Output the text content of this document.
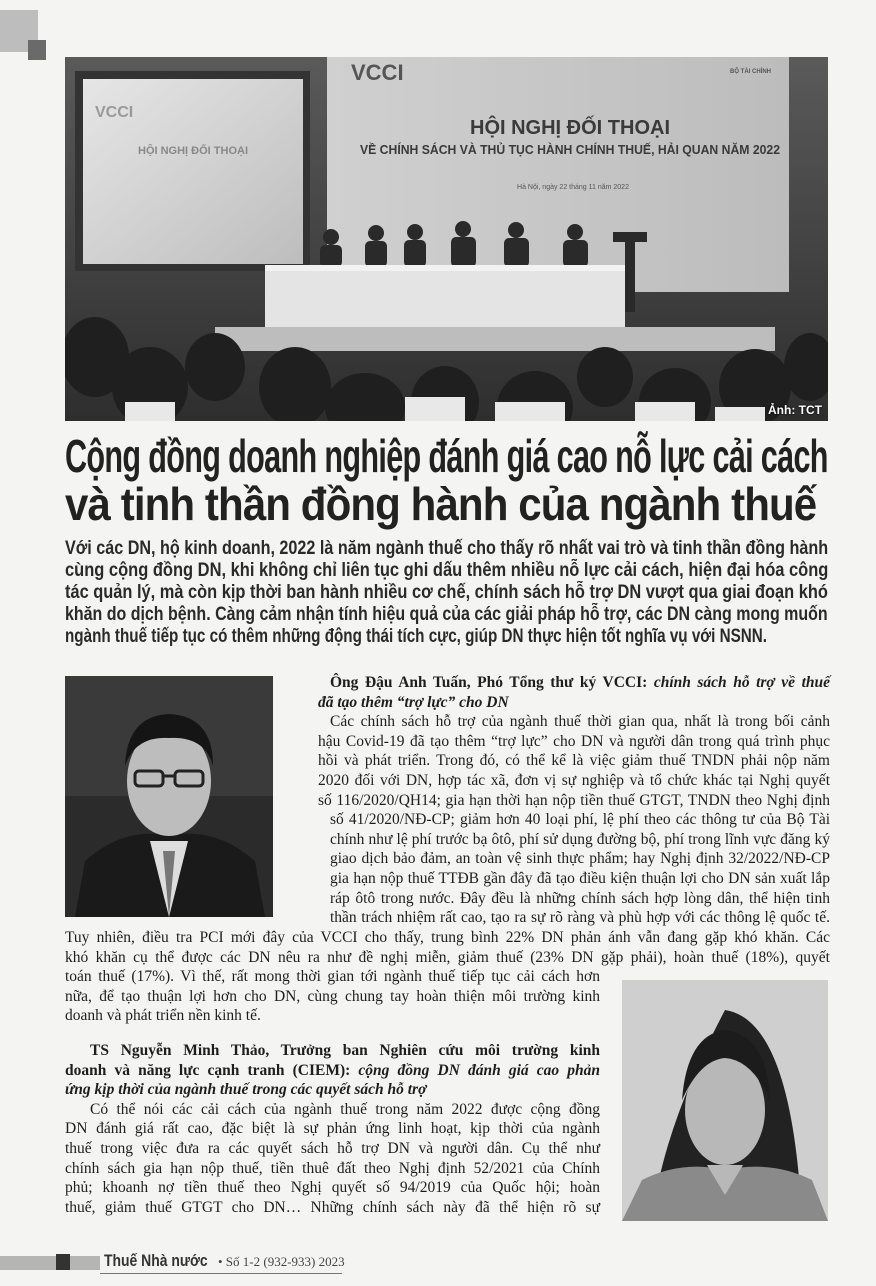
VCCI
HỘI NGHỊ ĐỐI THOẠI
VCCI	BỘ TÀI CHÍNH
HỘI NGHỊ ĐỐI THOẠI
VỀ CHÍNH SÁCH VÀ THỦ TỤC HÀNH CHÍNH THUẾ, HẢI QUAN NĂM 2022
Hà Nội, ngày 22 tháng 11 năm 2022
Ảnh: TCT
Cộng đồng doanh nghiệp đánh giá cao nỗ lực cải cách
và tinh thần đồng hành của ngành thuế
Với các DN, hộ kinh doanh, 2022 là năm ngành thuế cho thấy rõ nhất vai trò và tinh thần đồng hành
cùng cộng đồng DN, khi không chỉ liên tục ghi dấu thêm nhiều nỗ lực cải cách, hiện đại hóa công
tác quản lý, mà còn kịp thời ban hành nhiều cơ chế, chính sách hỗ trợ DN vượt qua giai đoạn khó
khăn do dịch bệnh. Càng cảm nhận tính hiệu quả của các giải pháp hỗ trợ, các DN càng mong muốn
ngành thuế tiếp tục có thêm những động thái tích cực, giúp DN thực hiện tốt nghĩa vụ với NSNN.
Ông Đậu Anh Tuấn, Phó Tổng thư ký VCCI: chính sách hỗ trợ về thuế
đã tạo thêm “trợ lực” cho DN
Các chính sách hỗ trợ của ngành thuế thời gian qua, nhất là trong bối cảnh
hậu Covid-19 đã tạo thêm “trợ lực” cho DN và người dân trong quá trình phục
hồi và phát triển. Trong đó, có thể kể là việc giảm thuế TNDN phải nộp năm
2020 đối với DN, hợp tác xã, đơn vị sự nghiệp và tổ chức khác tại Nghị quyết
số 116/2020/QH14; gia hạn thời hạn nộp tiền thuế GTGT, TNDN theo Nghị định
số 41/2020/NĐ-CP; giảm hơn 40 loại phí, lệ phí theo các thông tư của Bộ Tài
chính như lệ phí trước bạ ôtô, phí sử dụng đường bộ, phí trong lĩnh vực đăng ký
giao dịch bảo đảm, an toàn vệ sinh thực phẩm; hay Nghị định 32/2022/NĐ-CP
gia hạn nộp thuế TTĐB gần đây đã tạo điều kiện thuận lợi cho DN sản xuất lắp
ráp ôtô trong nước. Đây đều là những chính sách hợp lòng dân, thể hiện tinh
thần trách nhiệm rất cao, tạo ra sự rõ ràng và phù hợp với các thông lệ quốc tế.
Tuy nhiên, điều tra PCI mới đây của VCCI cho thấy, trung bình 22% DN phản ánh vẫn đang gặp khó khăn. Các
khó khăn cụ thể được các DN nêu ra như đề nghị miễn, giảm thuế (23% DN gặp phải), hoàn thuế (18%), quyết
toán thuế (17%). Vì thế, rất mong thời gian tới ngành thuế tiếp tục cải cách hơn
nữa, để tạo thuận lợi hơn cho DN, cùng chung tay hoàn thiện môi trường kinh
doanh và phát triển nền kinh tế.
TS Nguyễn Minh Thảo, Trưởng ban Nghiên cứu môi trường kinh
doanh và năng lực cạnh tranh (CIEM): cộng đồng DN đánh giá cao phản
ứng kịp thời của ngành thuế trong các quyết sách hỗ trợ
Có thể nói các cải cách của ngành thuế trong năm 2022 được cộng đồng
DN đánh giá rất cao, đặc biệt là sự phản ứng linh hoạt, kịp thời của ngành
thuế trong việc đưa ra các quyết sách hỗ trợ DN và người dân. Cụ thể như
chính sách gia hạn nộp thuế, tiền thuê đất theo Nghị định 52/2021 của Chính
phủ; khoanh nợ tiền thuế theo Nghị quyết số 94/2019 của Quốc hội; hoàn
thuế, giảm thuế GTGT cho DN… Những chính sách này đã thể hiện rõ sự
Thuế Nhà nước • Số 1-2 (932-933) 2023
